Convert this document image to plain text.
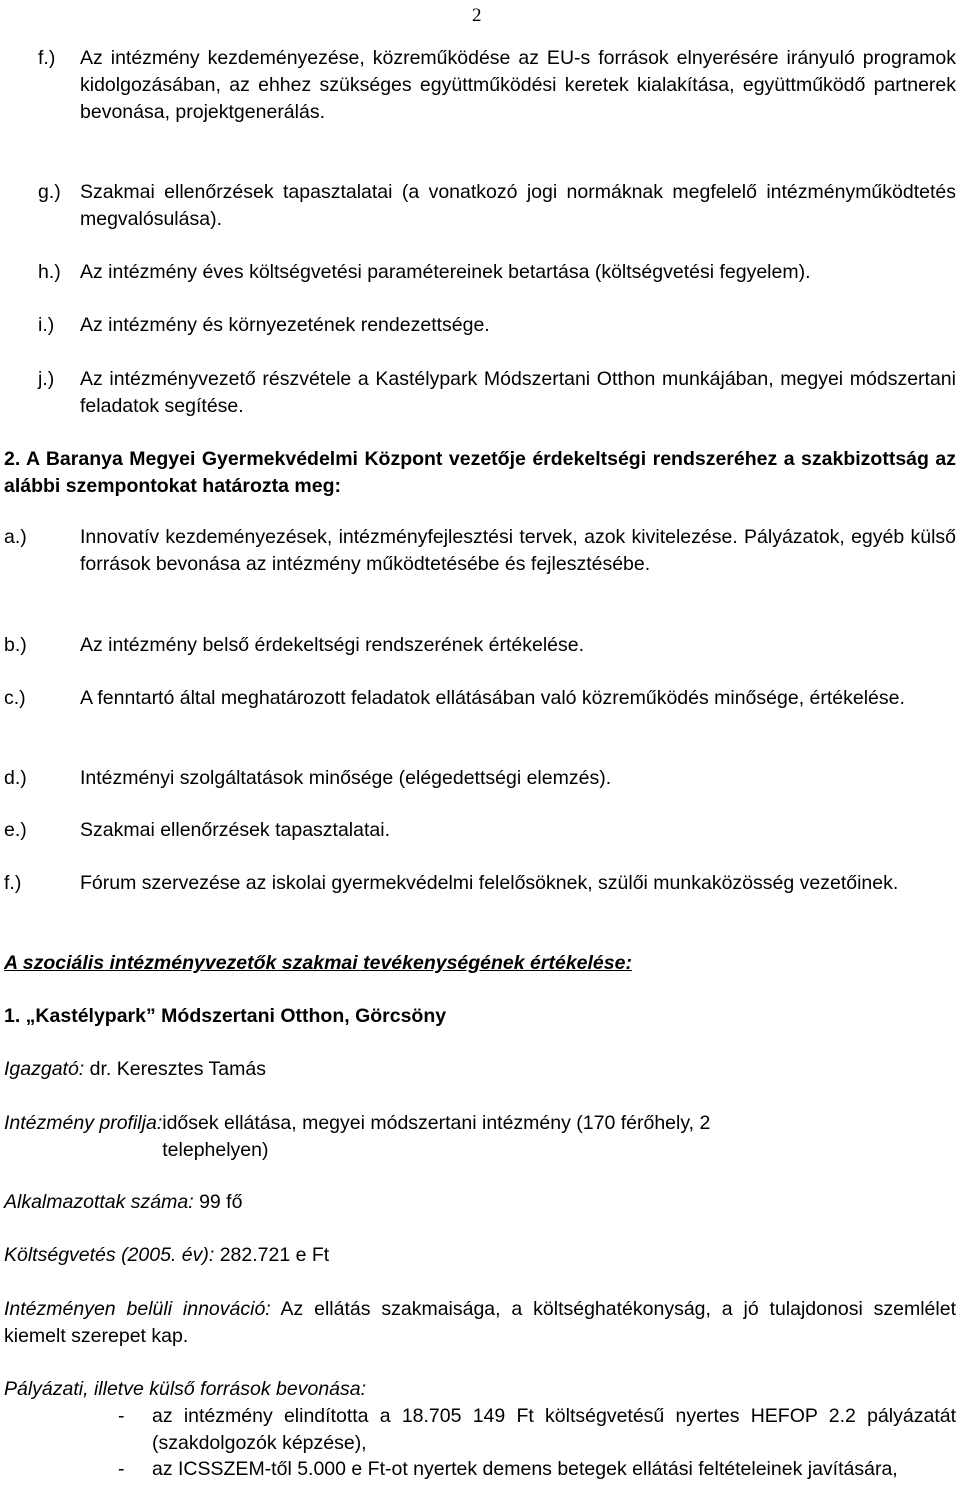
2
f.) Az intézmény kezdeményezése, közreműködése az EU-s források elnyerésére irányuló programok kidolgozásában, az ehhez szükséges együttműködési keretek kialakítása, együttműködő partnerek bevonása, projektgenerálás.
g.) Szakmai ellenőrzések tapasztalatai (a vonatkozó jogi normáknak megfelelő intézményműködtetés megvalósulása).
h.) Az intézmény éves költségvetési paramétereinek betartása (költségvetési fegyelem).
i.) Az intézmény és környezetének rendezettsége.
j.) Az intézményvezető részvétele a Kastélypark Módszertani Otthon munkájában, megyei módszertani feladatok segítése.
2. A Baranya Megyei Gyermekvédelmi Központ vezetője érdekeltségi rendszeréhez a szakbizottság az alábbi szempontokat határozta meg:
a.)	Innovatív kezdeményezések, intézményfejlesztési tervek, azok kivitelezése. Pályázatok, egyéb külső források bevonása az intézmény működtetésébe és fejlesztésébe.
b.)	Az intézmény belső érdekeltségi rendszerének értékelése.
c.)	A fenntartó által meghatározott feladatok ellátásában való közreműködés minősége, értékelése.
d.)	Intézményi szolgáltatások minősége (elégedettségi elemzés).
e.)	Szakmai ellenőrzések tapasztalatai.
f.)	Fórum szervezése az iskolai gyermekvédelmi felelősöknek, szülői munkaközösség vezetőinek.
A szociális intézményvezetők szakmai tevékenységének értékelése:
1. „Kastélypark” Módszertani Otthon, Görcsöny
Igazgató: dr. Keresztes Tamás
Intézmény profilja:idősek ellátása, megyei módszertani intézmény (170 férőhely, 2 telephelyen)
Alkalmazottak száma: 99 fő
Költségvetés (2005. év): 282.721 e Ft
Intézményen belüli innováció: Az ellátás szakmaisága, a költséghatékonyság, a jó tulajdonosi szemlélet kiemelt szerepet kap.
Pályázati, illetve külső források bevonása:
- az intézmény elindította a 18.705 149 Ft költségvetésű nyertes HEFOP 2.2 pályázatát (szakdolgozók képzése),
- az ICSSZEM-től 5.000 e Ft-ot nyertek demens betegek ellátási feltételeinek javítására,
